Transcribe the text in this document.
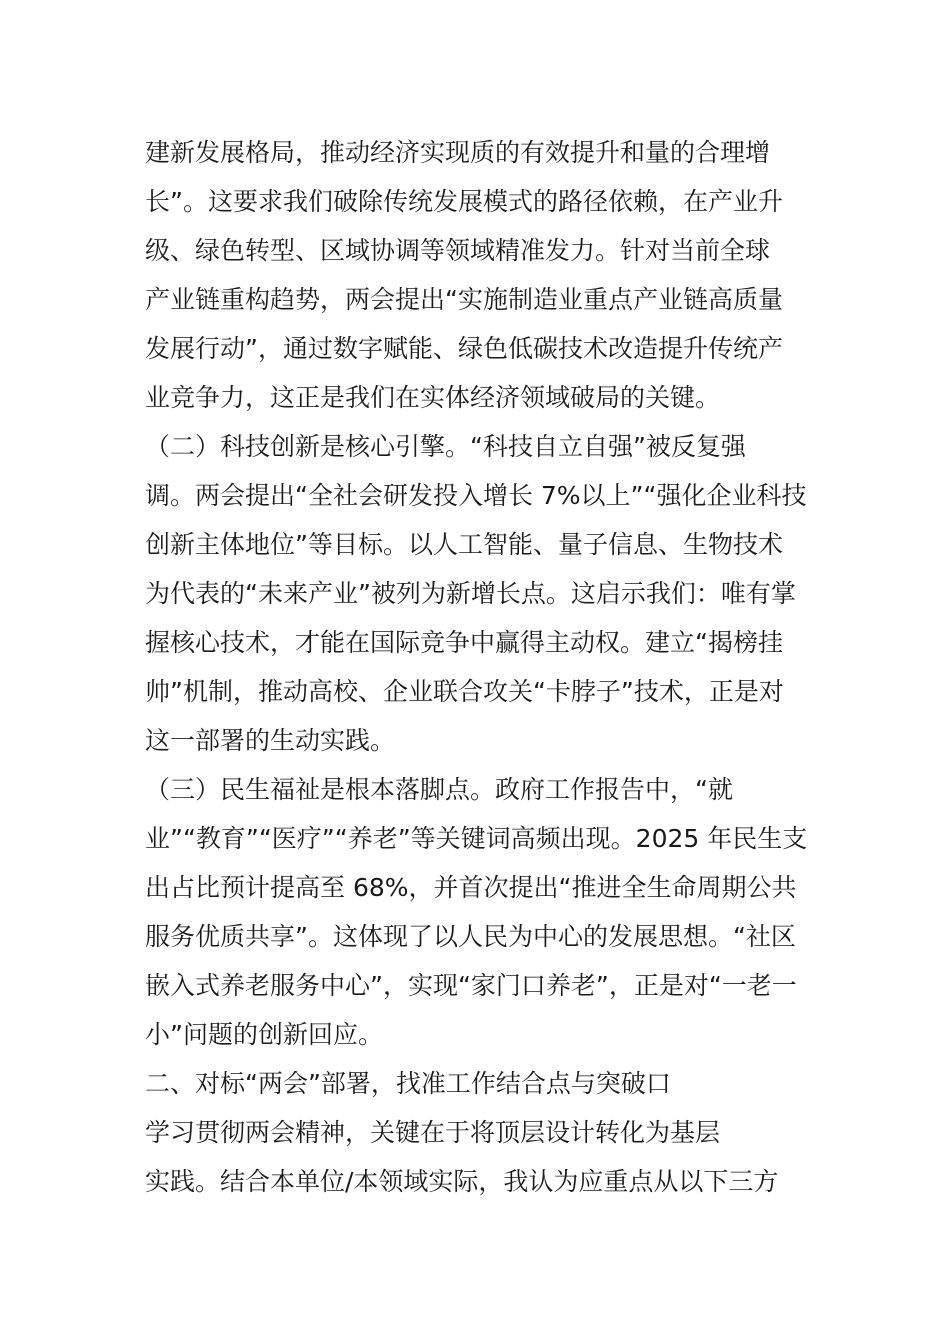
建新发展格局，推动经济实现质的有效提升和量的合理增

长”。这要求我们破除传统发展模式的路径依赖，在产业升

级、绿色转型、区域协调等领域精准发力。针对当前全球

产业链重构趋势，两会提出“实施制造业重点产业链高质量

发展行动”，通过数字赋能、绿色低碳技术改造提升传统产

业竞争力，这正是我们在实体经济领域破局的关键。

（二）科技创新是核心引擎。“科技自立自强”被反复强

调。两会提出“全社会研发投入增长 7%以上”“强化企业科技

创新主体地位”等目标。以人工智能、量子信息、生物技术

为代表的“未来产业”被列为新增长点。这启示我们：唯有掌

握核心技术，才能在国际竞争中赢得主动权。建立“揭榜挂

帅”机制，推动高校、企业联合攻关“卡脖子”技术，正是对

这一部署的生动实践。

（三）民生福祉是根本落脚点。政府工作报告中，“就

业”“教育”“医疗”“养老”等关键词高频出现。2025 年民生支

出占比预计提高至 68%，并首次提出“推进全生命周期公共

服务优质共享”。这体现了以人民为中心的发展思想。“社区

嵌入式养老服务中心”，实现“家门口养老”，正是对“一老一

小”问题的创新回应。

二、对标“两会”部署，找准工作结合点与突破口

学习贯彻两会精神，关键在于将顶层设计转化为基层

实践。结合本单位/本领域实际，我认为应重点从以下三方
